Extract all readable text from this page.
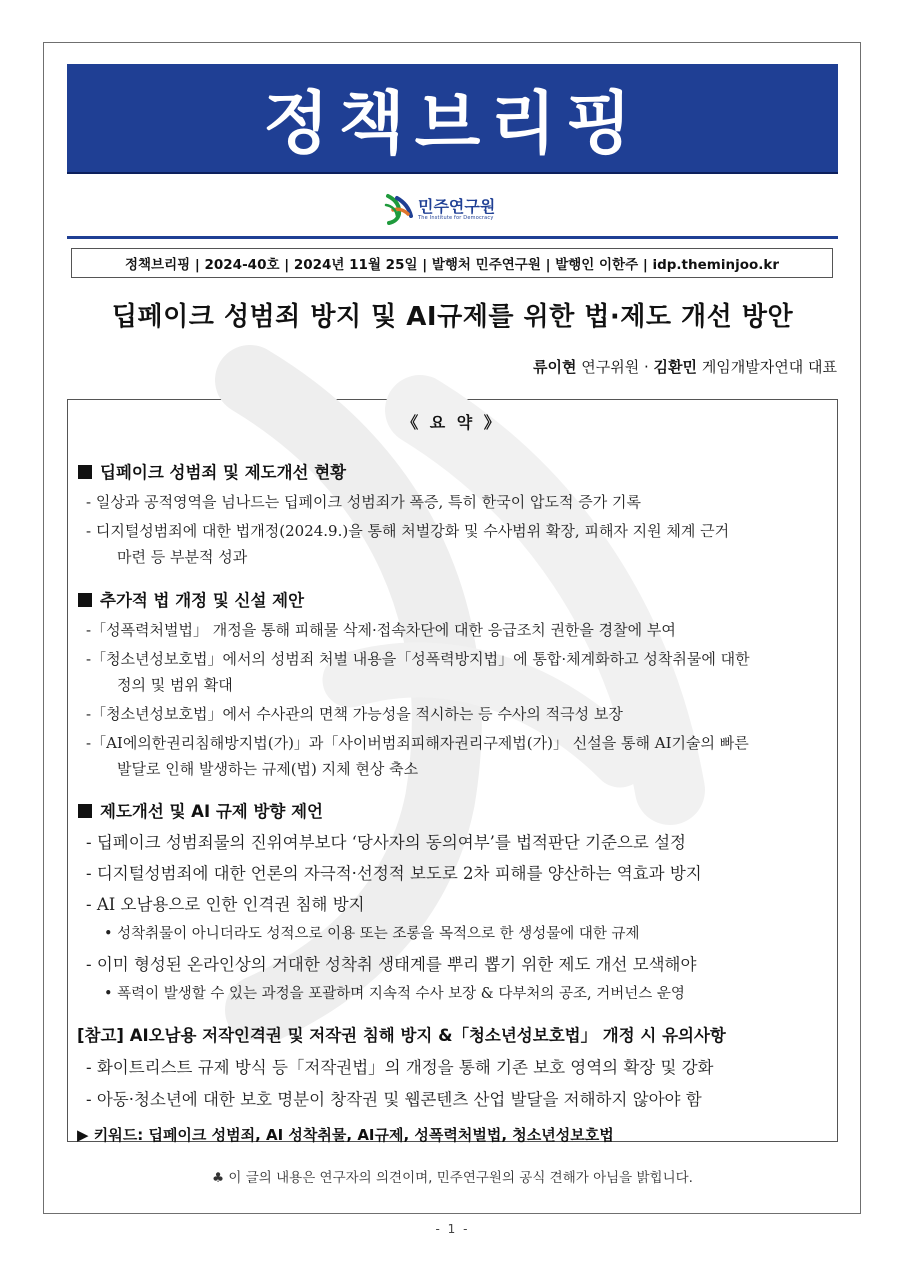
정책브리핑
민주연구원
The Institute for Democracy
정책브리핑 | 2024-40호 | 2024년 11월 25일 | 발행처 민주연구원 | 발행인 이한주 | idp.theminjoo.kr
딥페이크 성범죄 방지 및 AI규제를 위한 법·제도 개선 방안
류이현 연구위원 · 김환민 게임개발자연대 대표
《 요 약 》
딥페이크 성범죄 및 제도개선 현황
- 일상과 공적영역을 넘나드는 딥페이크 성범죄가 폭증, 특히 한국이 압도적 증가 기록
- 디지털성범죄에 대한 법개정(2024.9.)을 통해 처벌강화 및 수사범위 확장, 피해자 지원 체계 근거
마련 등 부분적 성과
추가적 법 개정 및 신설 제안
-「성폭력처벌법」 개정을 통해 피해물 삭제·접속차단에 대한 응급조치 권한을 경찰에 부여
-「청소년성보호법」에서의 성범죄 처벌 내용을「성폭력방지법」에 통합·체계화하고 성착취물에 대한
정의 및 범위 확대
-「청소년성보호법」에서 수사관의 면책 가능성을 적시하는 등 수사의 적극성 보장
-「AI에의한권리침해방지법(가)」과「사이버범죄피해자권리구제법(가)」 신설을 통해 AI기술의 빠른
발달로 인해 발생하는 규제(법) 지체 현상 축소
제도개선 및 AI 규제 방향 제언
- 딥페이크 성범죄물의 진위여부보다 ‘당사자의 동의여부’를 법적판단 기준으로 설정
- 디지털성범죄에 대한 언론의 자극적·선정적 보도로 2차 피해를 양산하는 역효과 방지
- AI 오남용으로 인한 인격권 침해 방지
• 성착취물이 아니더라도 성적으로 이용 또는 조롱을 목적으로 한 생성물에 대한 규제
- 이미 형성된 온라인상의 거대한 성착취 생태계를 뿌리 뽑기 위한 제도 개선 모색해야
• 폭력이 발생할 수 있는 과정을 포괄하며 지속적 수사 보장 & 다부처의 공조, 거버넌스 운영
[참고] AI오남용 저작인격권 및 저작권 침해 방지 &「청소년성보호법」 개정 시 유의사항
- 화이트리스트 규제 방식 등「저작권법」의 개정을 통해 기존 보호 영역의 확장 및 강화
- 아동·청소년에 대한 보호 명분이 창작권 및 웹콘텐츠 산업 발달을 저해하지 않아야 함
▶ 키워드: 딥페이크 성범죄, AI 성착취물, AI규제, 성폭력처벌법, 청소년성보호법
♣ 이 글의 내용은 연구자의 의견이며, 민주연구원의 공식 견해가 아님을 밝힙니다.
- 1 -
